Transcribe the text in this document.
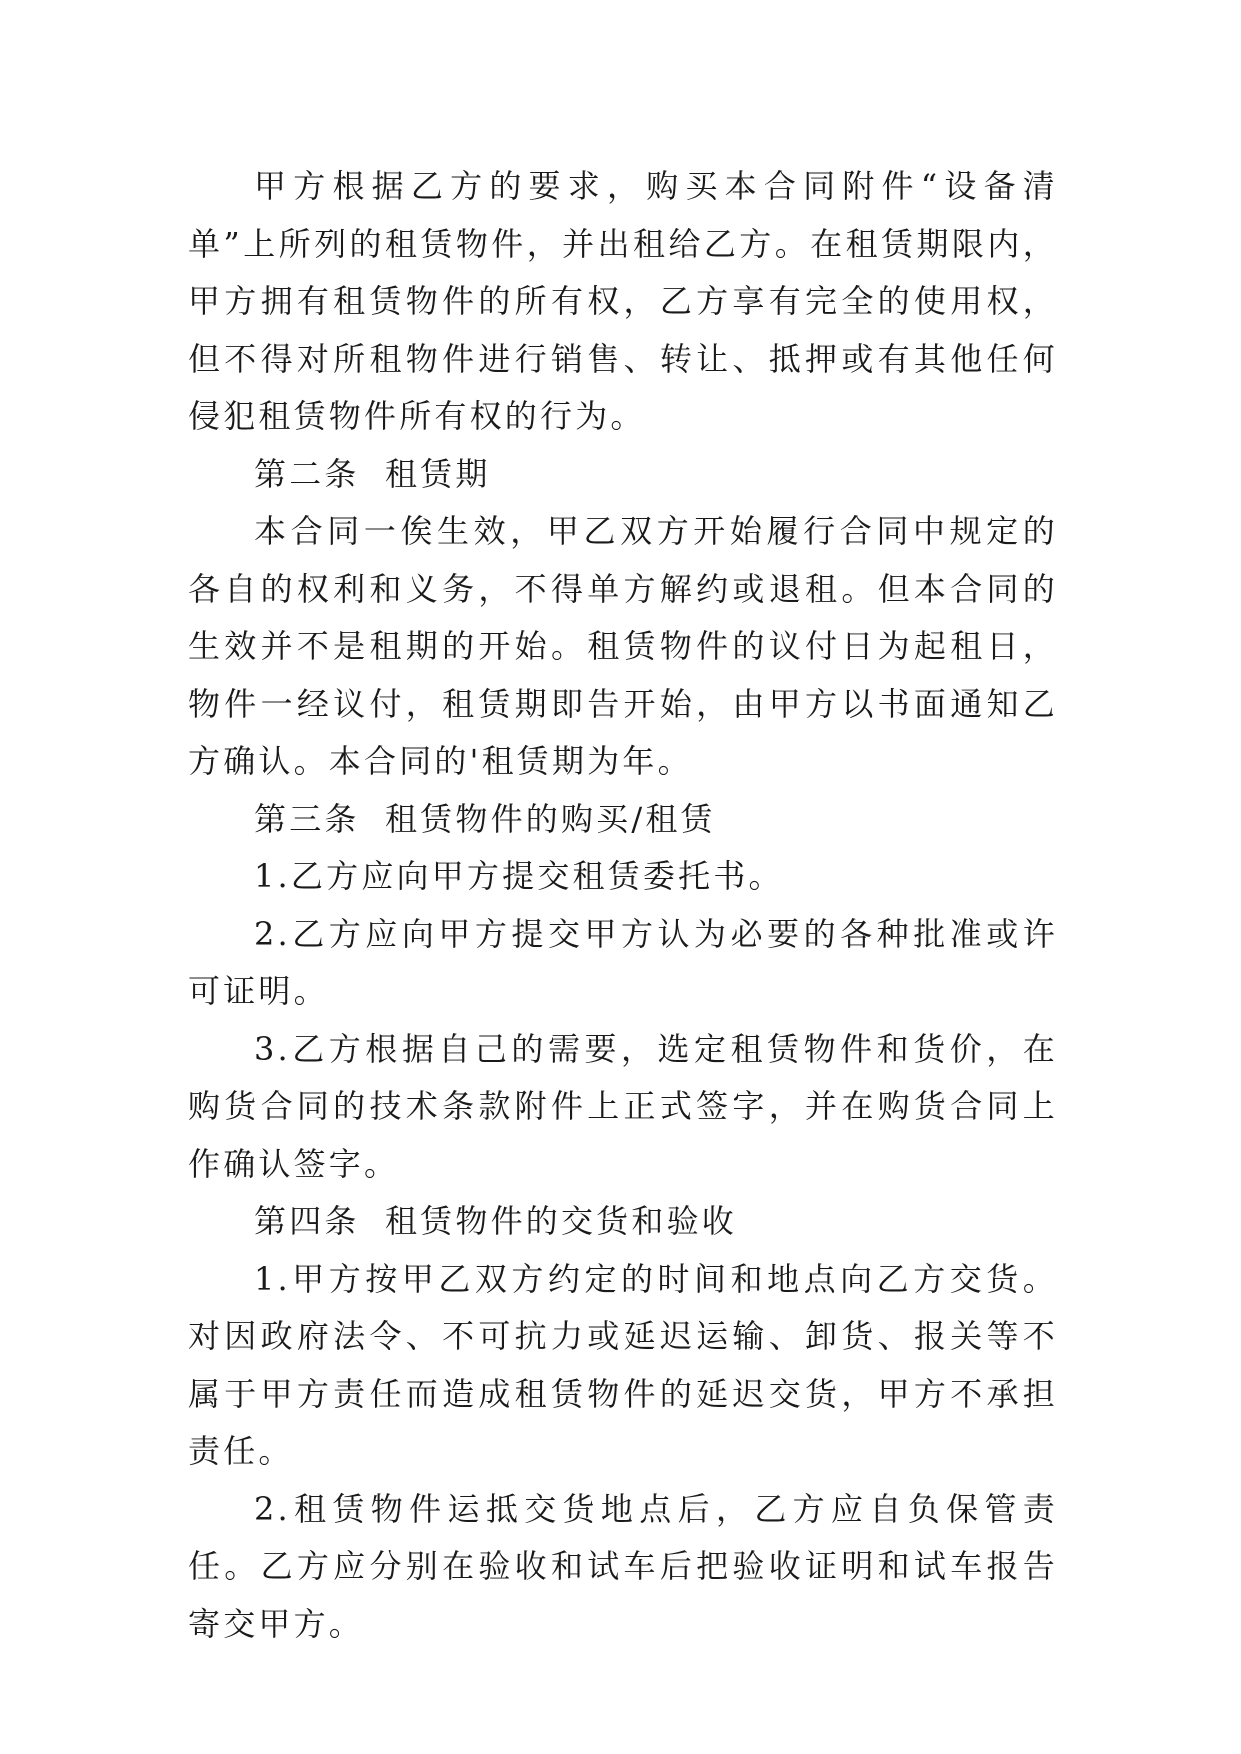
甲方根据乙方的要求，购买本合同附件“设备清单”上所列的租赁物件，并出租给乙方。在租赁期限内，甲方拥有租赁物件的所有权，乙方享有完全的使用权，但不得对所租物件进行销售、转让、抵押或有其他任何侵犯租赁物件所有权的行为。

第二条 租赁期

本合同一俟生效，甲乙双方开始履行合同中规定的各自的权利和义务，不得单方解约或退租。但本合同的生效并不是租期的开始。租赁物件的议付日为起租日，物件一经议付，租赁期即告开始，由甲方以书面通知乙方确认。本合同的'租赁期为年。

第三条 租赁物件的购买/租赁

1.乙方应向甲方提交租赁委托书。

2.乙方应向甲方提交甲方认为必要的各种批准或许可证明。

3.乙方根据自己的需要，选定租赁物件和货价，在购货合同的技术条款附件上正式签字，并在购货合同上作确认签字。

第四条 租赁物件的交货和验收

1.甲方按甲乙双方约定的时间和地点向乙方交货。对因政府法令、不可抗力或延迟运输、卸货、报关等不属于甲方责任而造成租赁物件的延迟交货，甲方不承担责任。

2.租赁物件运抵交货地点后，乙方应自负保管责任。乙方应分别在验收和试车后把验收证明和试车报告寄交甲方。
